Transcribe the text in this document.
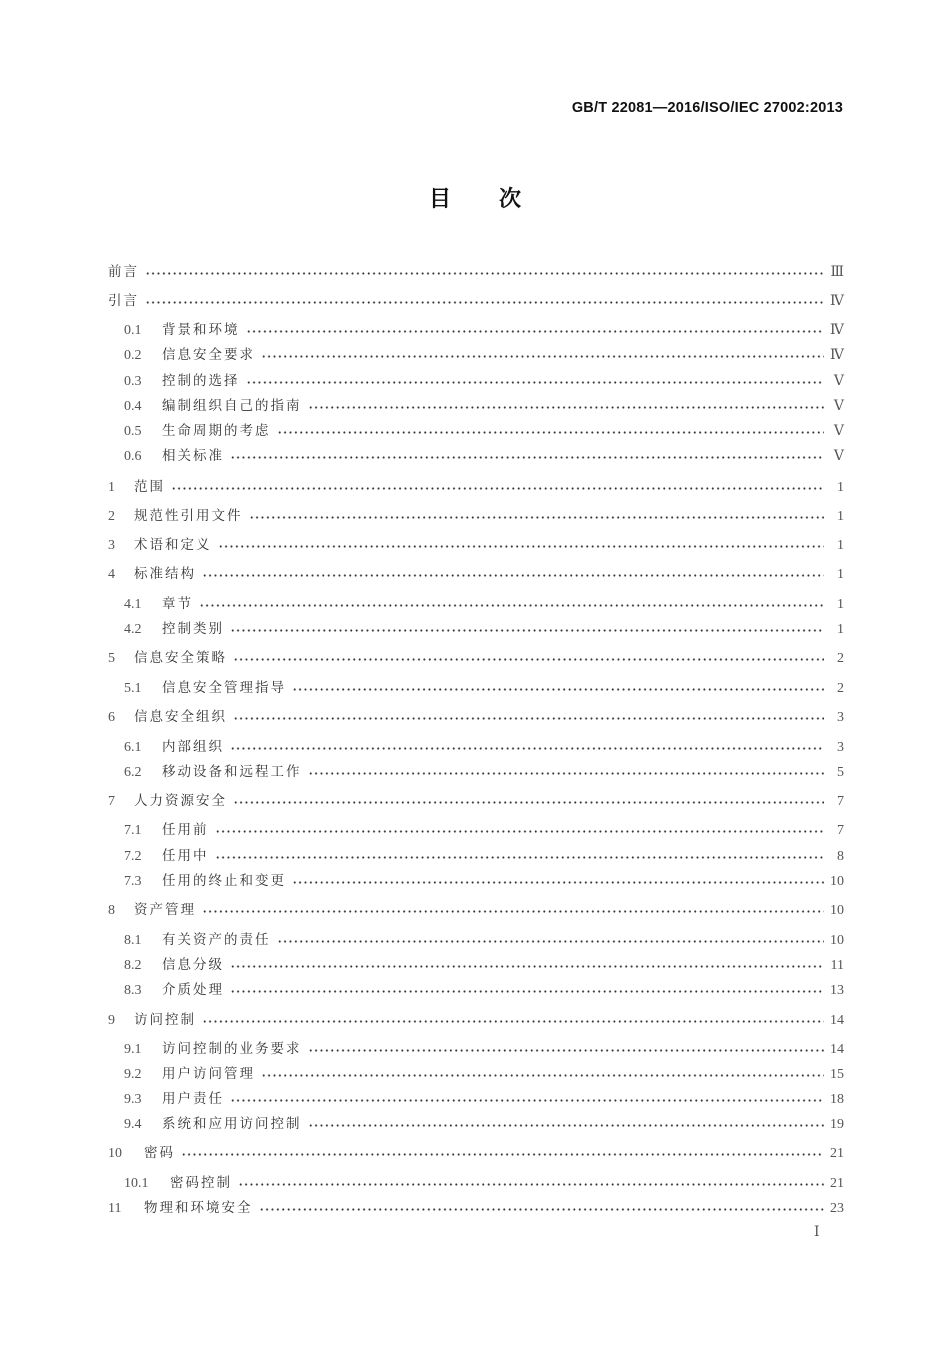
GB/T 22081—2016/ISO/IEC 27002:2013
目次
前言	Ⅲ
引言	Ⅳ
0.1	背景和环境	Ⅳ
0.2	信息安全要求	Ⅳ
0.3	控制的选择	Ⅴ
0.4	编制组织自己的指南	Ⅴ
0.5	生命周期的考虑	Ⅴ
0.6	相关标准	Ⅴ
1	范围	1
2	规范性引用文件	1
3	术语和定义	1
4	标准结构	1
4.1	章节	1
4.2	控制类别	1
5	信息安全策略	2
5.1	信息安全管理指导	2
6	信息安全组织	3
6.1	内部组织	3
6.2	移动设备和远程工作	5
7	人力资源安全	7
7.1	任用前	7
7.2	任用中	8
7.3	任用的终止和变更	10
8	资产管理	10
8.1	有关资产的责任	10
8.2	信息分级	11
8.3	介质处理	13
9	访问控制	14
9.1	访问控制的业务要求	14
9.2	用户访问管理	15
9.3	用户责任	18
9.4	系统和应用访问控制	19
10	密码	21
10.1	密码控制	21
11	物理和环境安全	23
Ⅰ
